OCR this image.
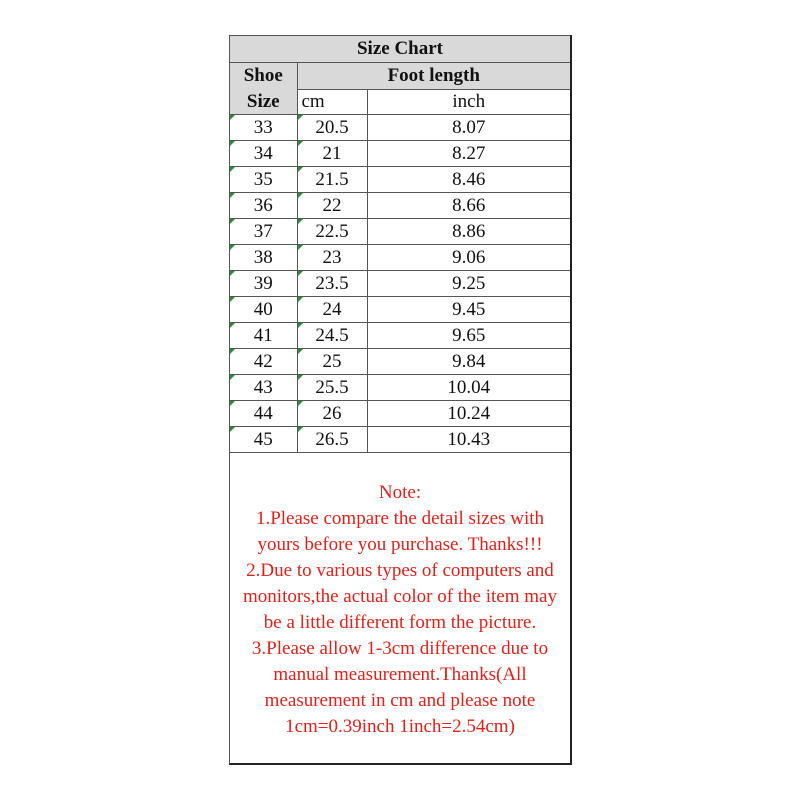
Size Chart		
Shoe	Foot length	
Size	cm	inch

33	20.5	8.07

34	21	8.27

35	21.5	8.46

36	22	8.66

37	22.5	8.86

38	23	9.06

39	23.5	9.25

40	24	9.45

41	24.5	9.65

42	25	9.84

43	25.5	10.04

44	26	10.24

45	26.5	10.43
Note:
1.Please compare the detail sizes with
yours before you purchase. Thanks!!!
2.Due to various types of computers and
monitors,the actual color of the item may
be a little different form the picture.
3.Please allow 1-3cm difference due to
manual measurement.Thanks(All
measurement in cm and please note
1cm=0.39inch 1inch=2.54cm)
